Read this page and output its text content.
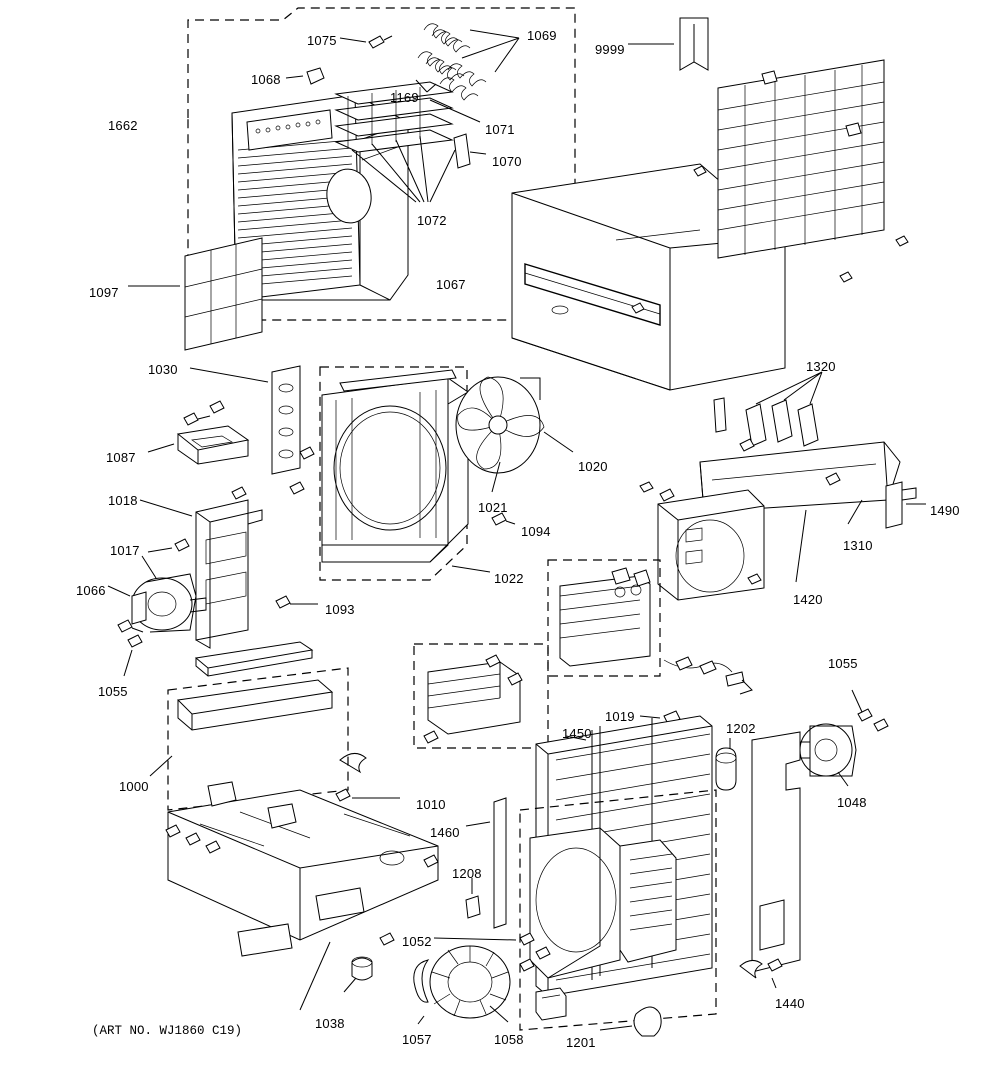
1075	1069
9999
1068
1169
1071
1662
1070
1072
1067
1097
1030	1320
1087
1020
1021	1490
1018
1094
1017	1310
1066
1022
1420
1093
1055
1055
1019
1202
1450
1000
1048
1010
1460
1208
1052
1440
1038
1057	1058	1201
(ART NO. WJ1860 C19)
